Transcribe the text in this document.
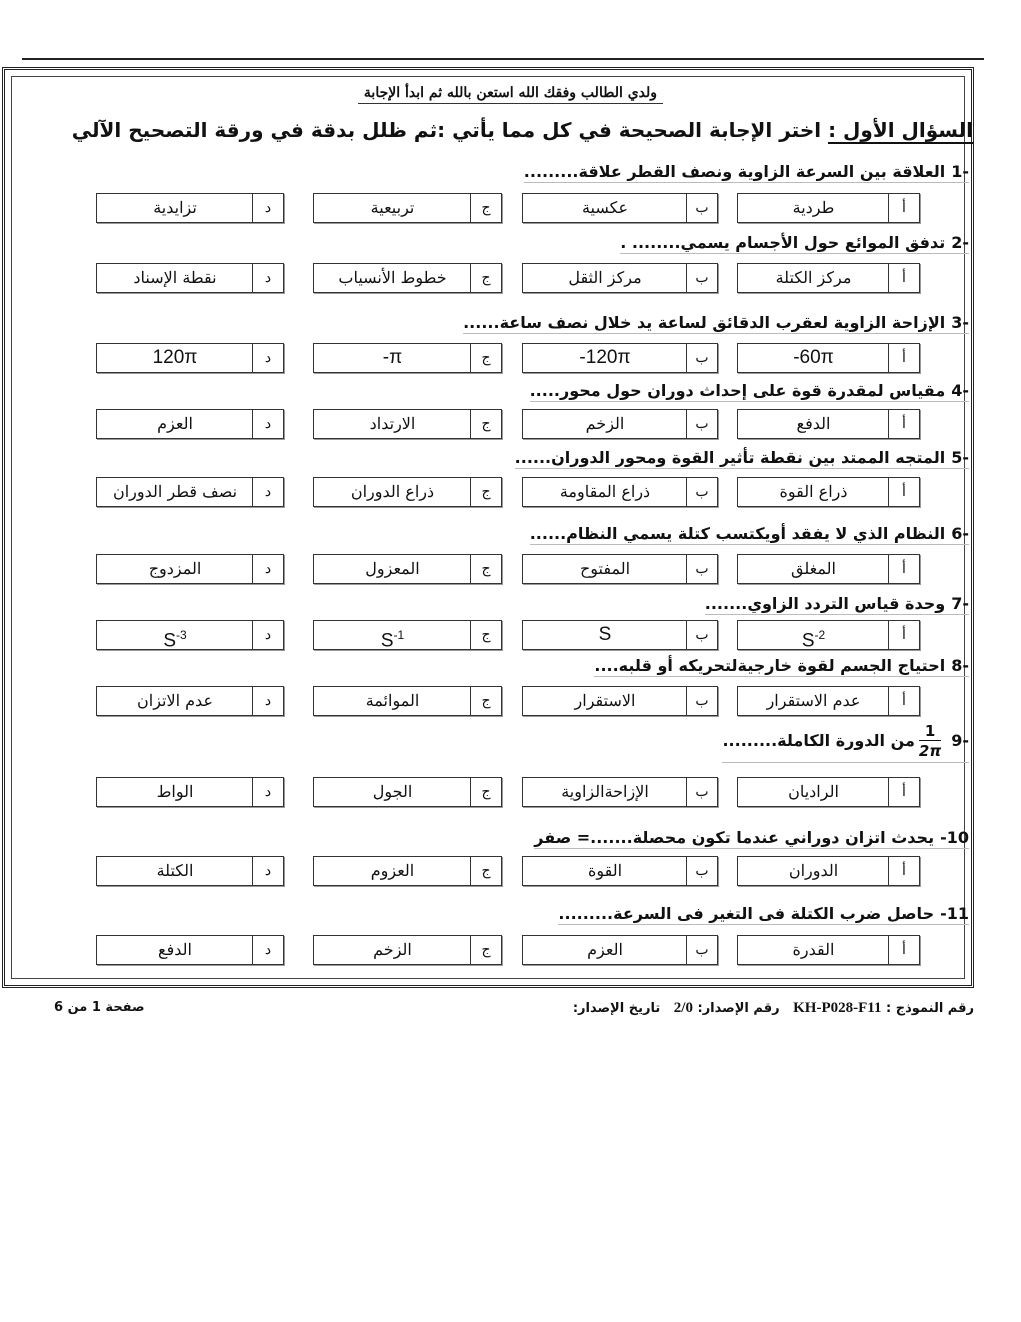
ولدي الطالب وفقك الله استعن بالله ثم ابدأ الإجابة
السؤال الأول : اختر الإجابة الصحيحة في كل مما يأتي :ثم ظلل بدقة في ورقة التصحيح الآلي
-1العلاقة بين السرعة الزاوية ونصف القطر علاقة.........
أ
طردية
ب
عكسية
ج
تربيعية
د
تزايدية
-2تدفق الموائع حول الأجسام يسمي........ .
أ
مركز الكتلة
ب
مركز الثقل
ج
خطوط الأنسياب
د
نقطة الإسناد
-3الإزاحة الزاوية لعقرب الدقائق لساعة يد خلال نصف ساعة......
أ
-60π
ب
-120π
ج
-π
د
120π
-4مقياس لمقدرة قوة على إحداث دوران حول محور.....
أ
الدفع
ب
الزخم
ج
الارتداد
د
العزم
-5المتجه الممتد بين نقطة تأثير القوة ومحور الدوران......
أ
ذراع القوة
ب
ذراع المقاومة
ج
ذراع الدوران
د
نصف قطر الدوران
-6النظام الذي لا يفقد أويكتسب كتلة يسمي النظام......
أ
المغلق
ب
المفتوح
ج
المعزول
د
المزدوج
-7وحدة قياس التردد الزاوي.......
أ
$S^{-2}$
ب
S
ج
$S^{-1}$
د
$S^{-3}$
-8احتياج الجسم لقوة خارجيةلتحريكه أو قلبه....
أ
عدم الاستقرار
ب
الاستقرار
ج
الموائمة
د
عدم الاتزان
-9
$\frac{1}{2\pi}$
من الدورة الكاملة.........
أ
الراديان
ب
الإزاحةالزاوية
ج
الجول
د
الواط
10-يحدث اتزان دوراني عندما تكون محصلة.......= صفر
أ
الدوران
ب
القوة
ج
العزوم
د
الكتلة
11-حاصل ضرب الكتلة فى التغير فى السرعة.........
أ
القدرة
ب
العزم
ج
الزخم
د
الدفع
رقم النموذج : KH-P028-F11   رقم الإصدار: 2/0   تاريخ الإصدار:
صفحة 1 من 6
